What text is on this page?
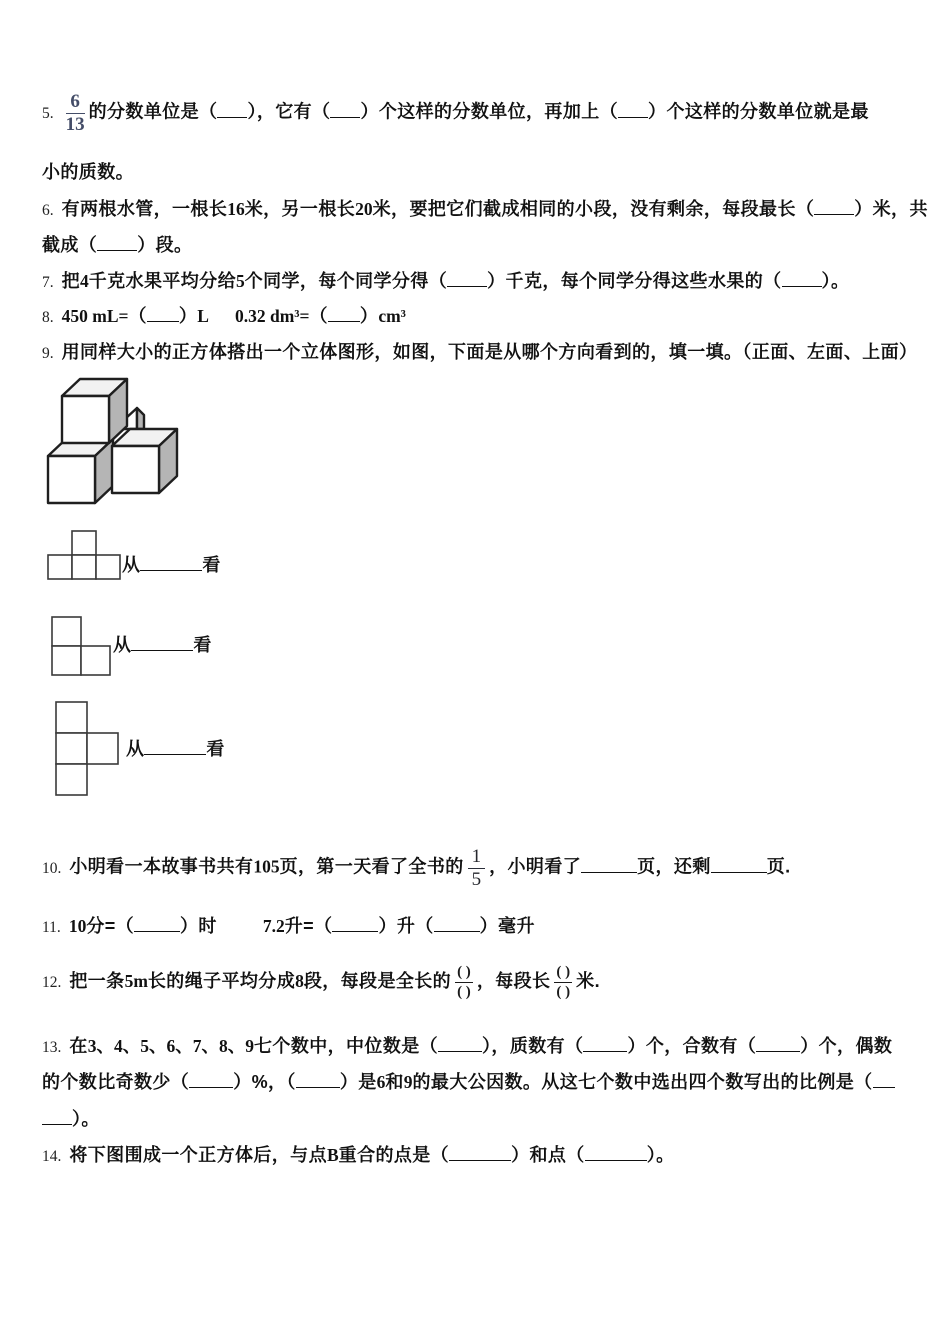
5. $\frac{6}{13}$ 的分数单位是（ ），它有（ ）个这样的分数单位，再加上（ ）个这样的分数单位就是最
小的质数。
6. 有两根水管，一根长16米，另一根长20米，要把它们截成相同的小段，没有剩余，每段最长（ ）米，共
截成（ ）段。
7. 把4千克水果平均分给5个同学，每个同学分得（ ）千克，每个同学分得这些水果的（ ）。
8. 450 mL=（ ）L 0.32 dm³=（ ）cm³
9. 用同样大小的正方体搭出一个立体图形，如图，下面是从哪个方向看到的，填一填。（正面、左面、上面）
从	看
从	看
从	看
10. 小明看一本故事书共有105页，第一天看了全书的 $\frac{1}{5}$ ，小明看了	页，还剩	页.
11. 10分=（	）时	7.2升=（	）升（	）毫升
12. 把一条5m长的绳子平均分成8段，每段是全长的 $\frac{( )}{( )}$ ，每段长 $\frac{( )}{( )}$ 米.
13. 在3、4、5、6、7、8、9七个数中，中位数是（ ），质数有（ ）个，合数有（ ）个，偶数
的个数比奇数少（ ）%，（ ）是6和9的最大公因数。从这七个数中选出四个数写出的比例是（
）。
14. 将下图围成一个正方体后，与点B重合的点是（	）和点（	）。
